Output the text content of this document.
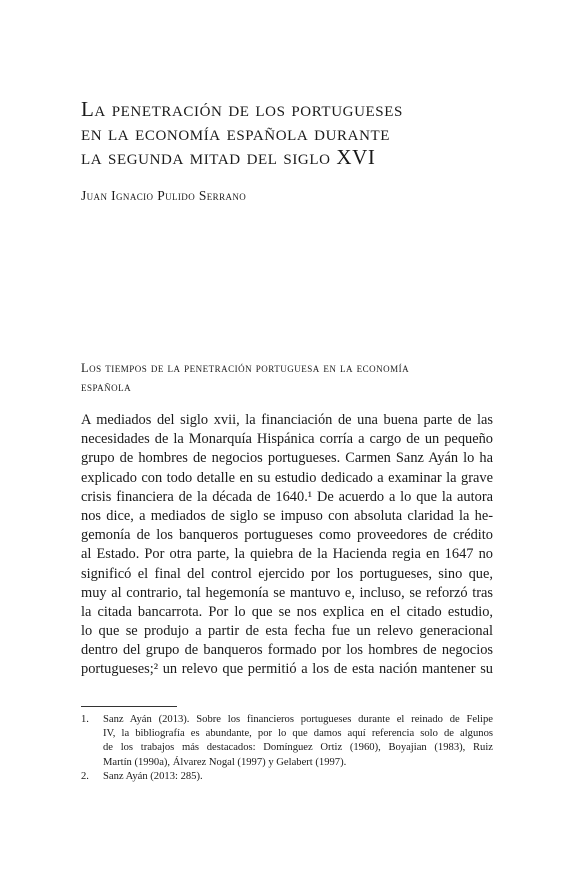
La penetración de los portugueses
en la economía española durante
la segunda mitad del siglo XVI

Juan Ignacio Pulido Serrano

Los tiempos de la penetración portuguesa en la economía
española
A mediados del siglo xvii, la financiación de una buena parte de las
necesidades de la Monarquía Hispánica corría a cargo de un pequeño
grupo de hombres de negocios portugueses. Carmen Sanz Ayán lo ha
explicado con todo detalle en su estudio dedicado a examinar la grave
crisis financiera de la década de 1640.¹ De acuerdo a lo que la autora
nos dice, a mediados de siglo se impuso con absoluta claridad la he-
gemonía de los banqueros portugueses como proveedores de crédito
al Estado. Por otra parte, la quiebra de la Hacienda regia en 1647 no
significó el final del control ejercido por los portugueses, sino que,
muy al contrario, tal hegemonía se mantuvo e, incluso, se reforzó tras
la citada bancarrota. Por lo que se nos explica en el citado estudio,
lo que se produjo a partir de esta fecha fue un relevo generacional
dentro del grupo de banqueros formado por los hombres de negocios
portugueses;² un relevo que permitió a los de esta nación mantener su
1. Sanz Ayán (2013). Sobre los financieros portugueses durante el reinado de Felipe
IV, la bibliografía es abundante, por lo que damos aquí referencia solo de algunos
de los trabajos más destacados: Domínguez Ortiz (1960), Boyajian (1983), Ruiz
Martín (1990a), Álvarez Nogal (1997) y Gelabert (1997).
2. Sanz Ayán (2013: 285).
